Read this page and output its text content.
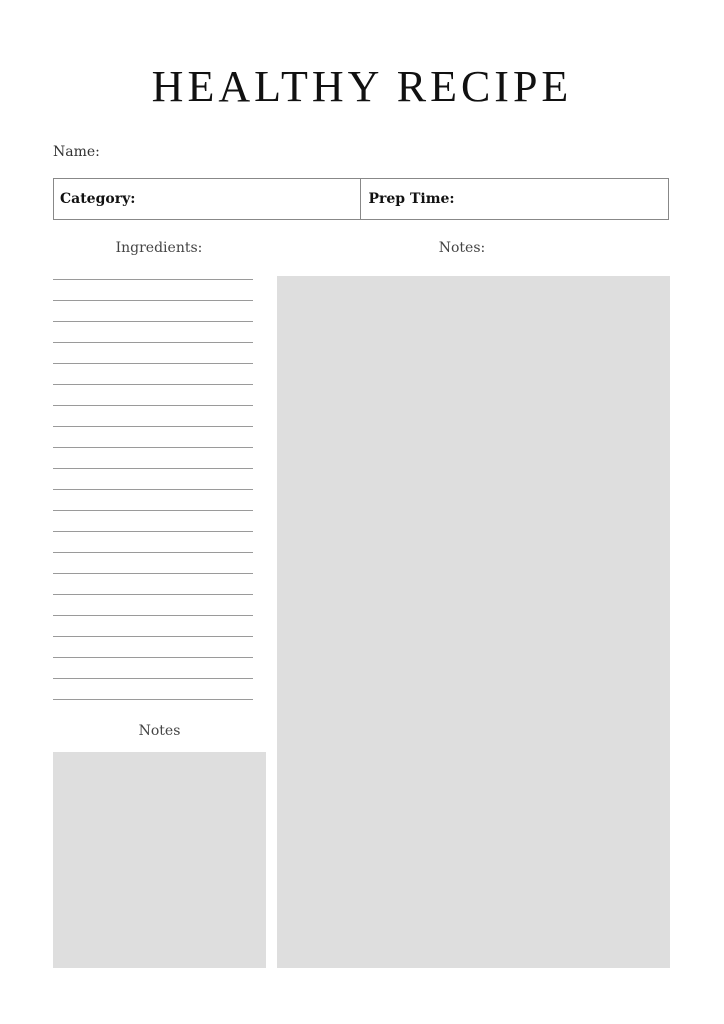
HEALTHY RECIPE
Name:
Category:	Prep Time:
Ingredients:	Notes:
Notes
